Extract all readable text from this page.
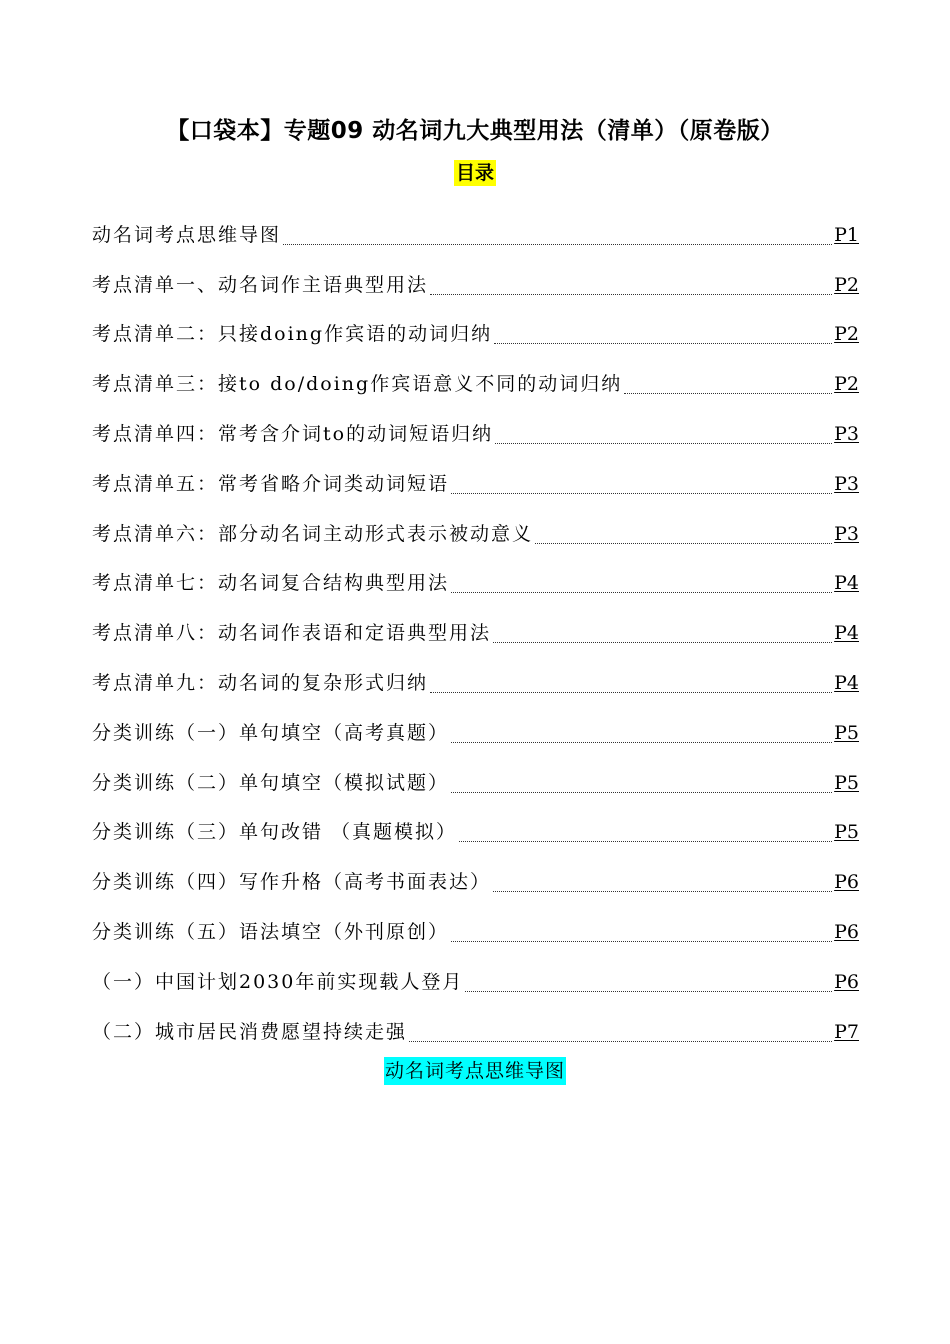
【口袋本】专题09 动名词九大典型用法（清单）（原卷版）
目录
动名词考点思维导图	P1
考点清单一、动名词作主语典型用法	P2
考点清单二：只接doing作宾语的动词归纳	P2
考点清单三：接to do/doing作宾语意义不同的动词归纳	P2
考点清单四：常考含介词to的动词短语归纳	P3
考点清单五：常考省略介词类动词短语	P3
考点清单六：部分动名词主动形式表示被动意义	P3
考点清单七：动名词复合结构典型用法	P4
考点清单八：动名词作表语和定语典型用法	P4
考点清单九：动名词的复杂形式归纳	P4
分类训练（一）单句填空（高考真题）	P5
分类训练（二）单句填空（模拟试题）	P5
分类训练（三）单句改错 （真题模拟）	P5
分类训练（四）写作升格（高考书面表达）	P6
分类训练（五）语法填空（外刊原创）	P6
（一）中国计划2030年前实现载人登月	P6
（二）城市居民消费愿望持续走强	P7
动名词考点思维导图
